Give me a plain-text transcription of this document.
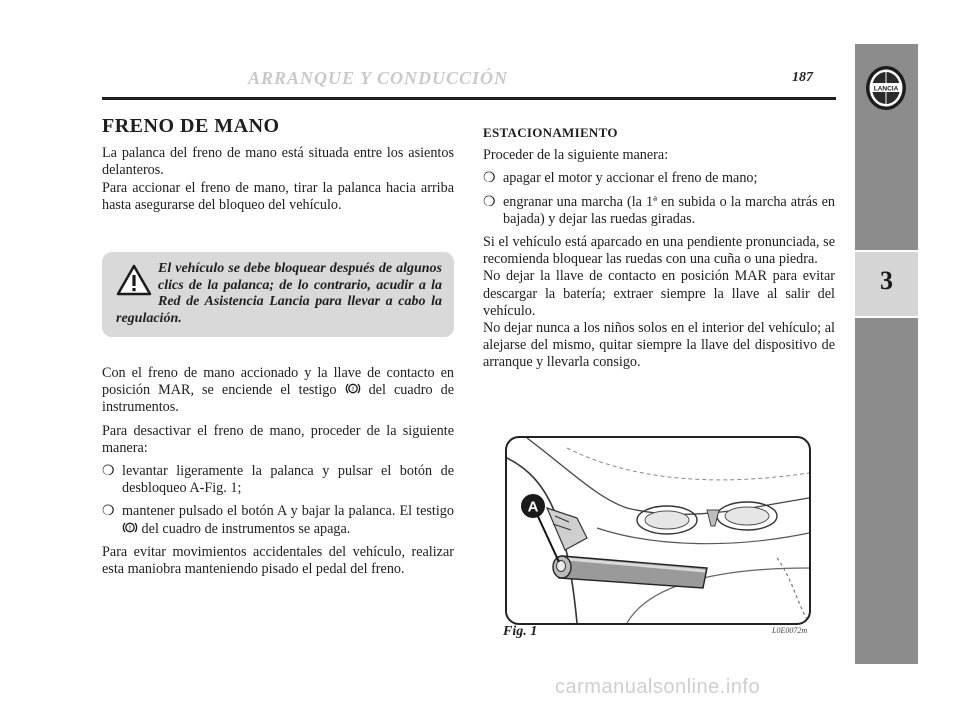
ARRANQUE Y CONDUCCIÓN	187
3
LANCIA
FRENO DE MANO

La palanca del freno de mano está situada entre los asientos delanteros.

Para accionar el freno de mano, tirar la palanca hacia arriba hasta asegurarse del bloqueo del vehículo.

El vehículo se debe bloquear después de algunos clics de la palanca; de lo contrario, acudir a la Red de Asistencia Lancia para llevar a cabo la regulación.

Con el freno de mano accionado y la llave de contacto en posición MAR, se enciende el testigo	! del cuadro de instrumentos.

Para desactivar el freno de mano, proceder de la siguiente manera:

❍ levantar ligeramente la palanca y pulsar el botón de desbloqueo A-Fig. 1;
❍ mantener pulsado el botón A y bajar la palanca. El testigo
! del cuadro de instrumentos se apaga.

Para evitar movimientos accidentales del vehículo, realizar esta maniobra manteniendo pisado el pedal del freno.

ESTACIONAMIENTO

Proceder de la siguiente manera:

❍ apagar el motor y accionar el freno de mano;
❍ engranar una marcha (la 1ª en subida o la marcha atrás en bajada) y dejar las ruedas giradas.

Si el vehículo está aparcado en una pendiente pronunciada, se recomienda bloquear las ruedas con una cuña o una piedra.

No dejar la llave de contacto en posición MAR para evitar descargar la batería; extraer siempre la llave al salir del vehículo.

No dejar nunca a los niños solos en el interior del vehículo; al alejarse del mismo, quitar siempre la llave del dispositivo de arranque y llevarla consigo.

A
Fig. 1	L0E0072m
carmanualsonline.info
